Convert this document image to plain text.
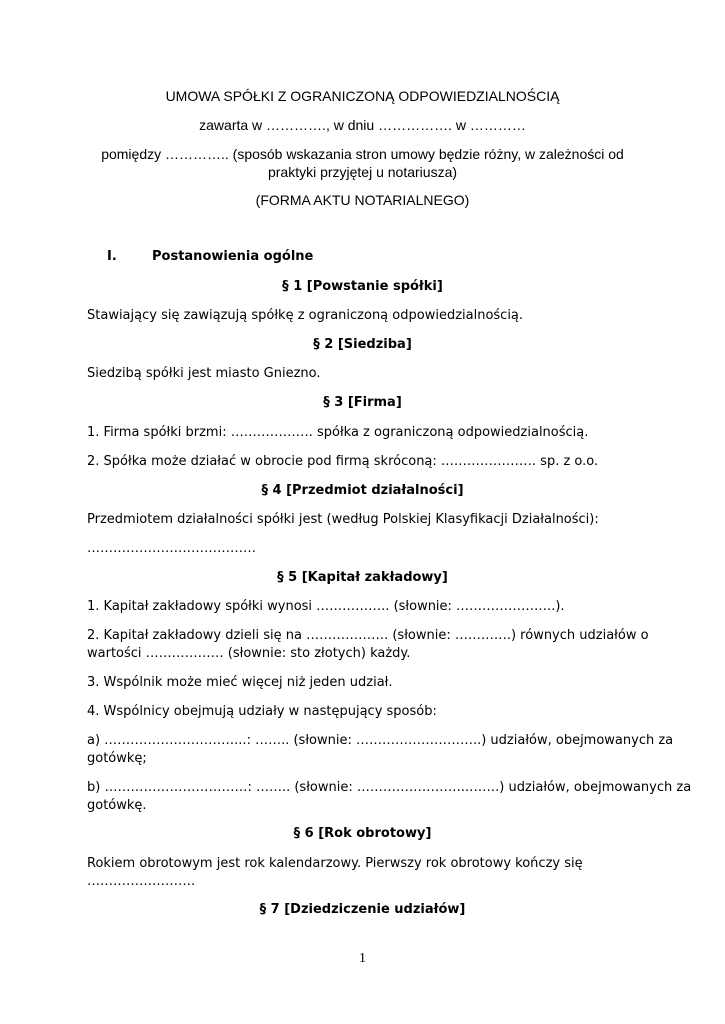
UMOWA SPÓŁKI Z OGRANICZONĄ ODPOWIEDZIALNOŚCIĄ
zawarta w …………., w dniu ……………. w …………
pomiędzy ………….. (sposób wskazania stron umowy będzie różny, w zależności od
praktyki przyjętej u notariusza)
(FORMA AKTU NOTARIALNEGO)
I.	Postanowienia ogólne
§ 1 [Powstanie spółki]
Stawiający się zawiązują spółkę z ograniczoną odpowiedzialnością.
§ 2 [Siedziba]
Siedzibą spółki jest miasto Gniezno.
§ 3 [Firma]
1. Firma spółki brzmi: ………………. spółka z ograniczoną odpowiedzialnością.
2. Spółka może działać w obrocie pod firmą skróconą: …………………. sp. z o.o.
§ 4 [Przedmiot działalności]
Przedmiotem działalności spółki jest (według Polskiej Klasyfikacji Działalności):
…………………………………
§ 5 [Kapitał zakładowy]
1. Kapitał zakładowy spółki wynosi …………….. (słownie: …………………..).
2. Kapitał zakładowy dzieli się na ………………. (słownie: ………….) równych udziałów o
wartości ……………… (słownie: sto złotych) każdy.
3. Wspólnik może mieć więcej niż jeden udział.
4. Wspólnicy obejmują udziały w następujący sposób:
a) …………………………...: …….. (słownie: ………………………..) udziałów, obejmowanych za
gotówkę;
b) ……………………………: …….. (słownie: ……………………..…….) udziałów, obejmowanych za
gotówkę.
§ 6 [Rok obrotowy]
Rokiem obrotowym jest rok kalendarzowy. Pierwszy rok obrotowy kończy się
…………………….
§ 7 [Dziedziczenie udziałów]
1
